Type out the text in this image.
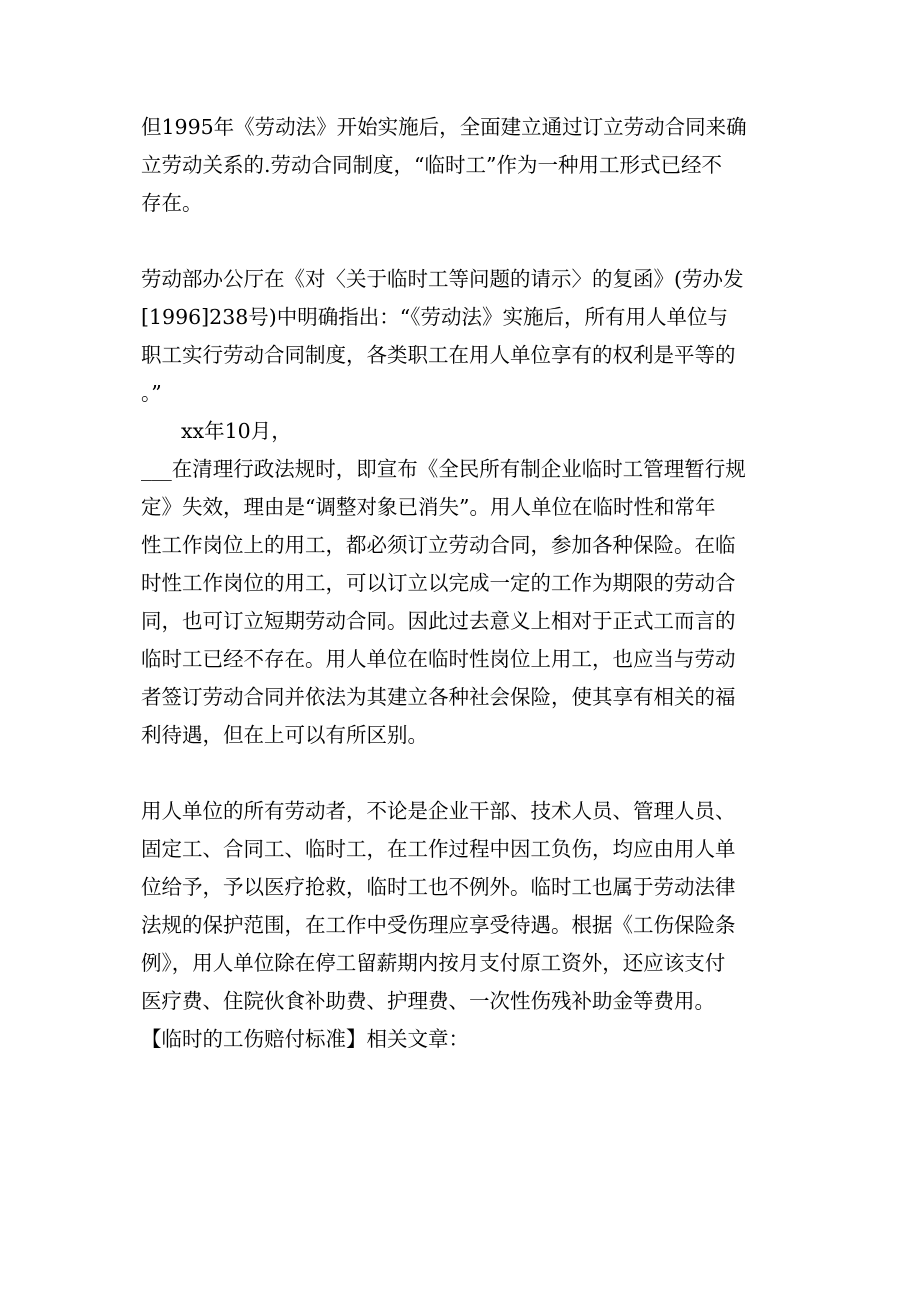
但1995年《劳动法》开始实施后，全面建立通过订立劳动合同来确
立劳动关系的.劳动合同制度，“临时工”作为一种用工形式已经不
存在。
劳动部办公厅在《对〈关于临时工等问题的请示〉的复函》(劳办发
[1996]238号)中明确指出：“《劳动法》实施后，所有用人单位与
职工实行劳动合同制度，各类职工在用人单位享有的权利是平等的
。”
xx年10月，
___在清理行政法规时，即宣布《全民所有制企业临时工管理暂行规
定》失效，理由是“调整对象已消失”。用人单位在临时性和常年
性工作岗位上的用工，都必须订立劳动合同，参加各种保险。在临
时性工作岗位的用工，可以订立以完成一定的工作为期限的劳动合
同，也可订立短期劳动合同。因此过去意义上相对于正式工而言的
临时工已经不存在。用人单位在临时性岗位上用工，也应当与劳动
者签订劳动合同并依法为其建立各种社会保险，使其享有相关的福
利待遇，但在上可以有所区别。
用人单位的所有劳动者，不论是企业干部、技术人员、管理人员、
固定工、合同工、临时工，在工作过程中因工负伤，均应由用人单
位给予，予以医疗抢救，临时工也不例外。临时工也属于劳动法律
法规的保护范围，在工作中受伤理应享受待遇。根据《工伤保险条
例》，用人单位除在停工留薪期内按月支付原工资外，还应该支付
医疗费、住院伙食补助费、护理费、一次性伤残补助金等费用。
【临时的工伤赔付标准】相关文章：
